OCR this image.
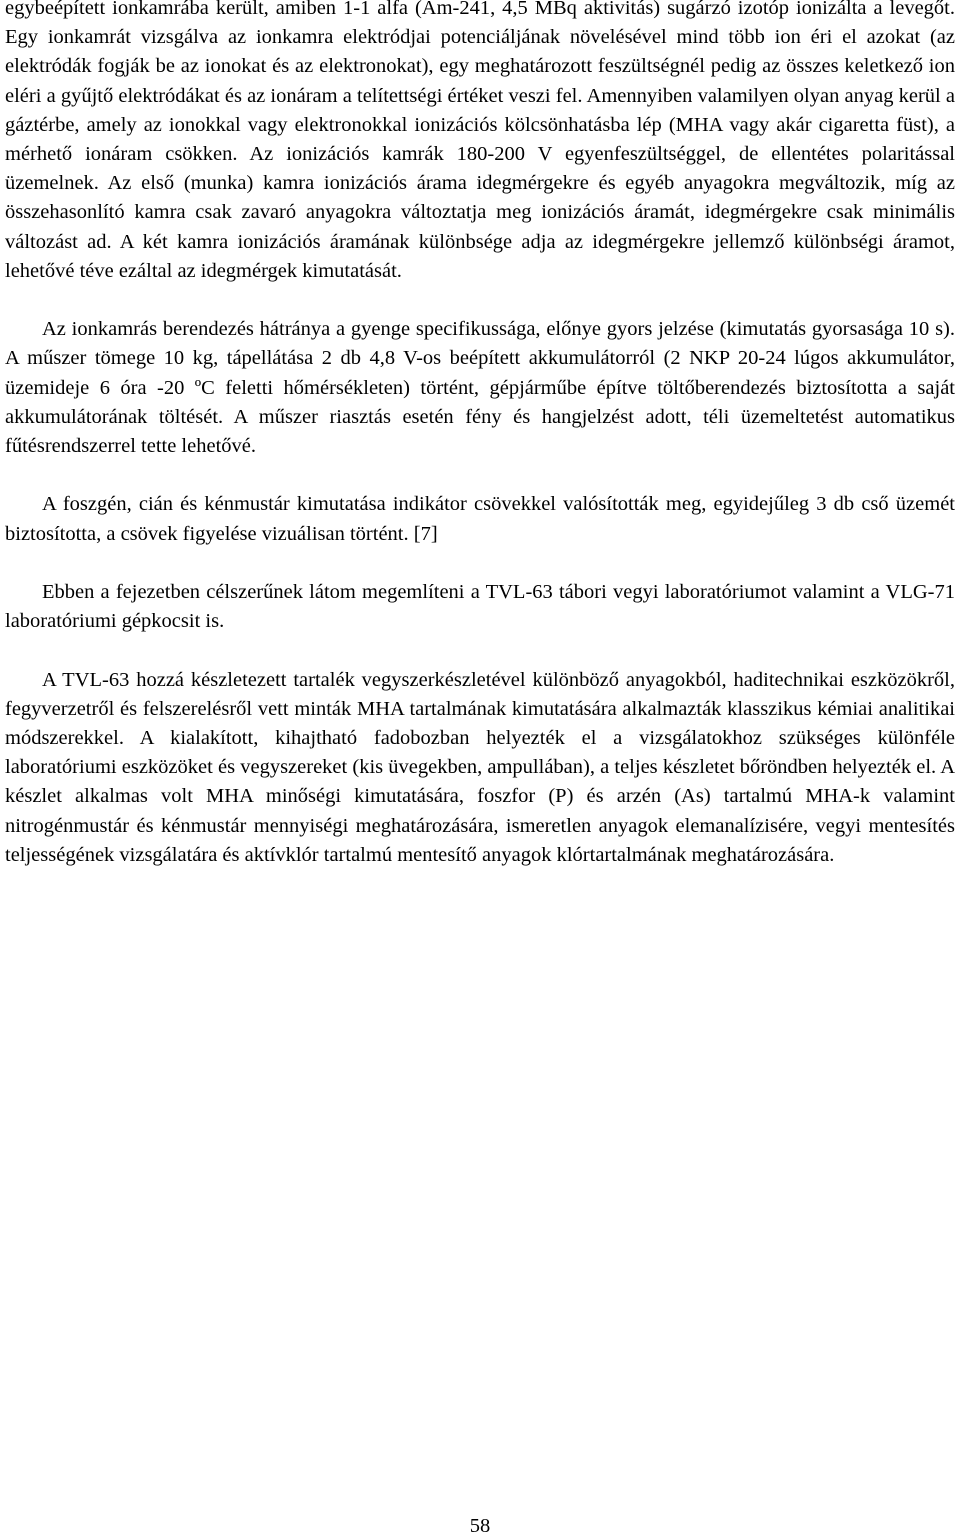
egybeépített ionkamrába került, amiben 1-1 alfa (Am-241, 4,5 MBq aktivitás) sugárzó izotóp ionizálta a levegőt. Egy ionkamrát vizsgálva az ionkamra elektródjai potenciáljának növelésével mind több ion éri el azokat (az elektródák fogják be az ionokat és az elektronokat), egy meghatározott feszültségnél pedig az összes keletkező ion eléri a gyűjtő elektródákat és az ionáram a telítettségi értéket veszi fel. Amennyiben valamilyen olyan anyag kerül a gáztérbe, amely az ionokkal vagy elektronokkal ionizációs kölcsönhatásba lép (MHA vagy akár cigaretta füst), a mérhető ionáram csökken. Az ionizációs kamrák 180-200 V egyenfeszültséggel, de ellentétes polaritással üzemelnek. Az első (munka) kamra ionizációs árama idegmérgekre és egyéb anyagokra megváltozik, míg az összehasonlító kamra csak zavaró anyagokra változtatja meg ionizációs áramát, idegmérgekre csak minimális változást ad. A két kamra ionizációs áramának különbsége adja az idegmérgekre jellemző különbségi áramot, lehetővé téve ezáltal az idegmérgek kimutatását.

Az ionkamrás berendezés hátránya a gyenge specifikussága, előnye gyors jelzése (kimutatás gyorsasága 10 s). A műszer tömege 10 kg, tápellátása 2 db 4,8 V-os beépített akkumulátorról (2 NKP 20-24 lúgos akkumulátor, üzemideje 6 óra -20 ºC feletti hőmérsékleten) történt, gépjárműbe építve töltőberendezés biztosította a saját akkumulátorának töltését. A műszer riasztás esetén fény és hangjelzést adott, téli üzemeltetést automatikus fűtésrendszerrel tette lehetővé.

A foszgén, cián és kénmustár kimutatása indikátor csövekkel valósították meg, egyidejűleg 3 db cső üzemét biztosította, a csövek figyelése vizuálisan történt. [7]

Ebben a fejezetben célszerűnek látom megemlíteni a TVL-63 tábori vegyi laboratóriumot valamint a VLG-71 laboratóriumi gépkocsit is.

A TVL-63 hozzá készletezett tartalék vegyszerkészletével különböző anyagokból, haditechnikai eszközökről, fegyverzetről és felszerelésről vett minták MHA tartalmának kimutatására alkalmazták klasszikus kémiai analitikai módszerekkel. A kialakított, kihajtható fadobozban helyezték el a vizsgálatokhoz szükséges különféle laboratóriumi eszközöket és vegyszereket (kis üvegekben, ampullában), a teljes készletet bőröndben helyezték el. A készlet alkalmas volt MHA minőségi kimutatására, foszfor (P) és arzén (As) tartalmú MHA-k valamint nitrogénmustár és kénmustár mennyiségi meghatározására, ismeretlen anyagok elemanalízisére, vegyi mentesítés teljességének vizsgálatára és aktívklór tartalmú mentesítő anyagok klórtartalmának meghatározására.

58
